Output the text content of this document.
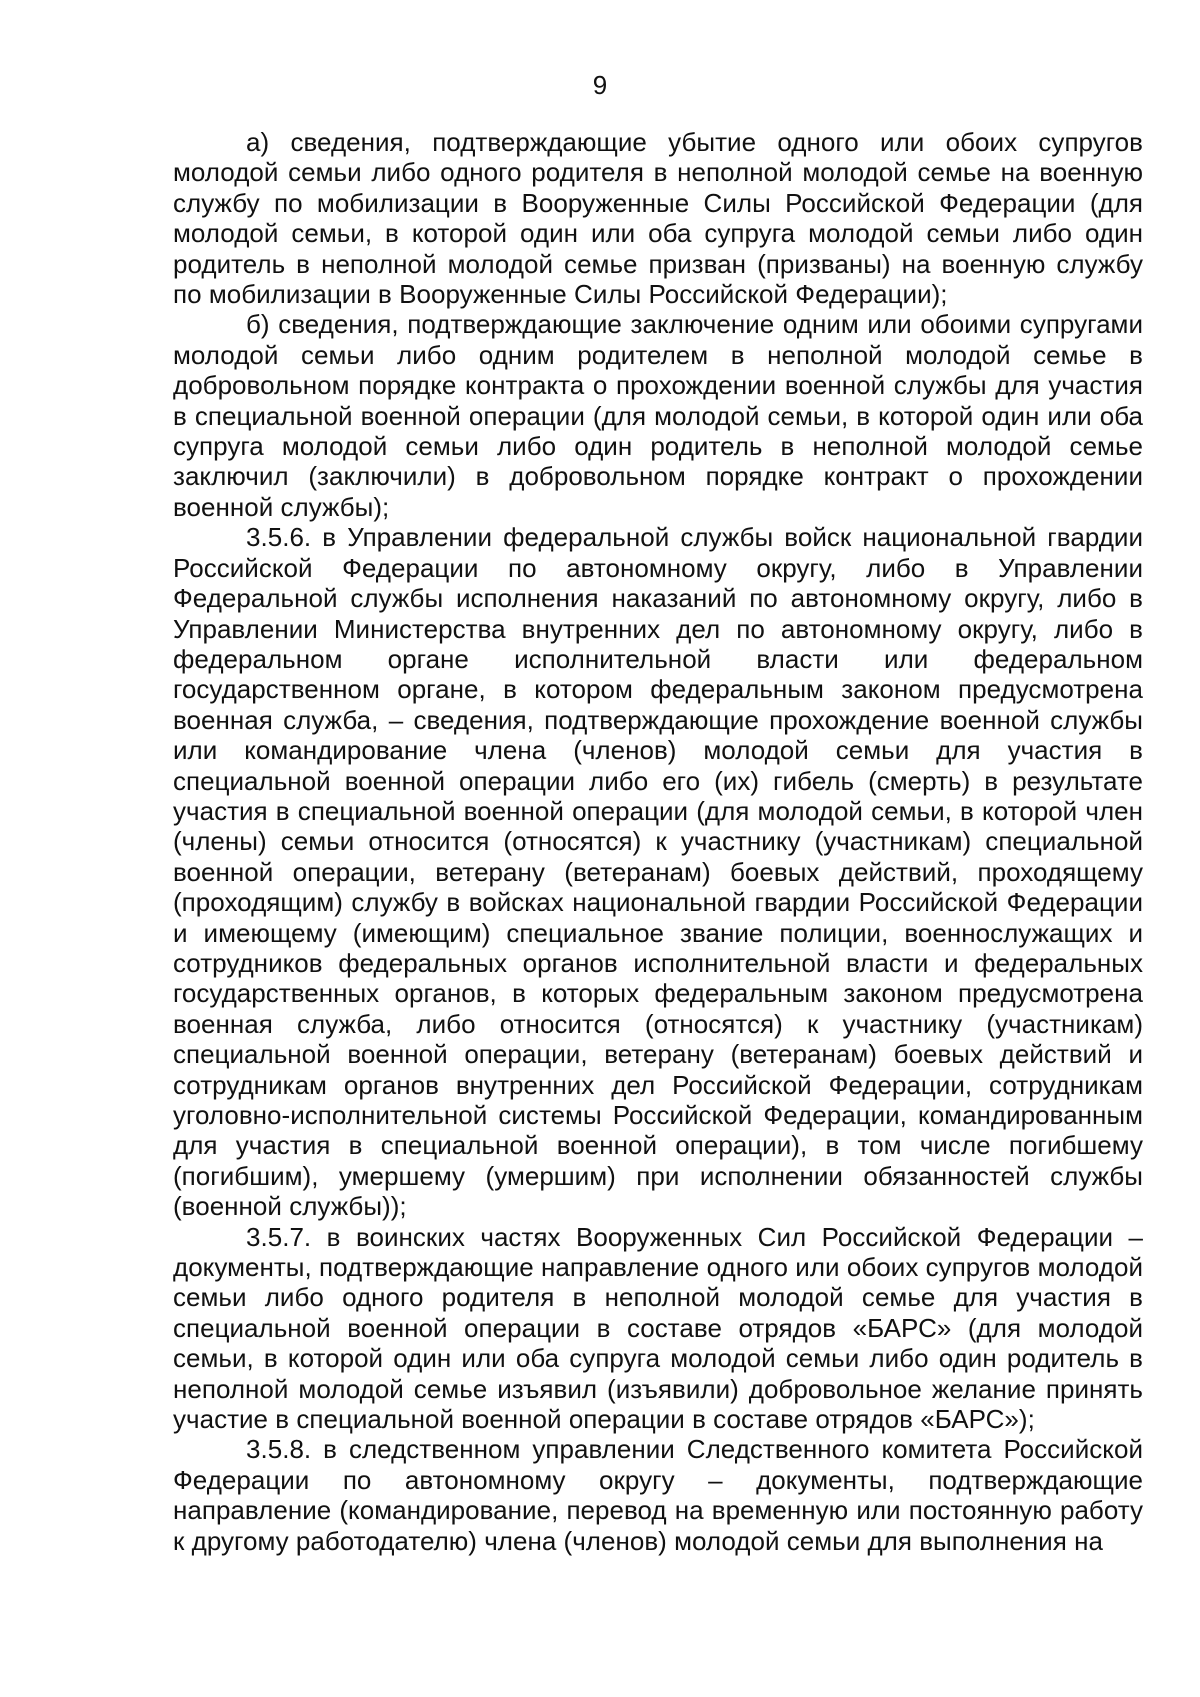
9

а) сведения, подтверждающие убытие одного или обоих супругов молодой семьи либо одного родителя в неполной молодой семье на военную службу по мобилизации в Вооруженные Силы Российской Федерации (для молодой семьи, в которой один или оба супруга молодой семьи либо один родитель в неполной молодой семье призван (призваны) на военную службу по мобилизации в Вооруженные Силы Российской Федерации);

б) сведения, подтверждающие заключение одним или обоими супругами молодой семьи либо одним родителем в неполной молодой семье в добровольном порядке контракта о прохождении военной службы для участия в специальной военной операции (для молодой семьи, в которой один или оба супруга молодой семьи либо один родитель в неполной молодой семье заключил (заключили) в добровольном порядке контракт о прохождении военной службы);

3.5.6. в Управлении федеральной службы войск национальной гвардии Российской Федерации по автономному округу, либо в Управлении Федеральной службы исполнения наказаний по автономному округу, либо в Управлении Министерства внутренних дел по автономному округу, либо в федеральном органе исполнительной власти или федеральном государственном органе, в котором федеральным законом предусмотрена военная служба, – сведения, подтверждающие прохождение военной службы или командирование члена (членов) молодой семьи для участия в специальной военной операции либо его (их) гибель (смерть) в результате участия в специальной военной операции (для молодой семьи, в которой член (члены) семьи относится (относятся) к участнику (участникам) специальной военной операции, ветерану (ветеранам) боевых действий, проходящему (проходящим) службу в войсках национальной гвардии Российской Федерации и имеющему (имеющим) специальное звание полиции, военнослужащих и сотрудников федеральных органов исполнительной власти и федеральных государственных органов, в которых федеральным законом предусмотрена военная служба, либо относится (относятся) к участнику (участникам) специальной военной операции, ветерану (ветеранам) боевых действий и сотрудникам органов внутренних дел Российской Федерации, сотрудникам уголовно-исполнительной системы Российской Федерации, командированным для участия в специальной военной операции), в том числе погибшему (погибшим), умершему (умершим) при исполнении обязанностей службы (военной службы));

3.5.7. в воинских частях Вооруженных Сил Российской Федерации – документы, подтверждающие направление одного или обоих супругов молодой семьи либо одного родителя в неполной молодой семье для участия в специальной военной операции в составе отрядов «БАРС» (для молодой семьи, в которой один или оба супруга молодой семьи либо один родитель в неполной молодой семье изъявил (изъявили) добровольное желание принять участие в специальной военной операции в составе отрядов «БАРС»);

3.5.8. в следственном управлении Следственного комитета Российской Федерации по автономному округу – документы, подтверждающие направление (командирование, перевод на временную или постоянную работу к другому работодателю) члена (членов) молодой семьи для выполнения на
